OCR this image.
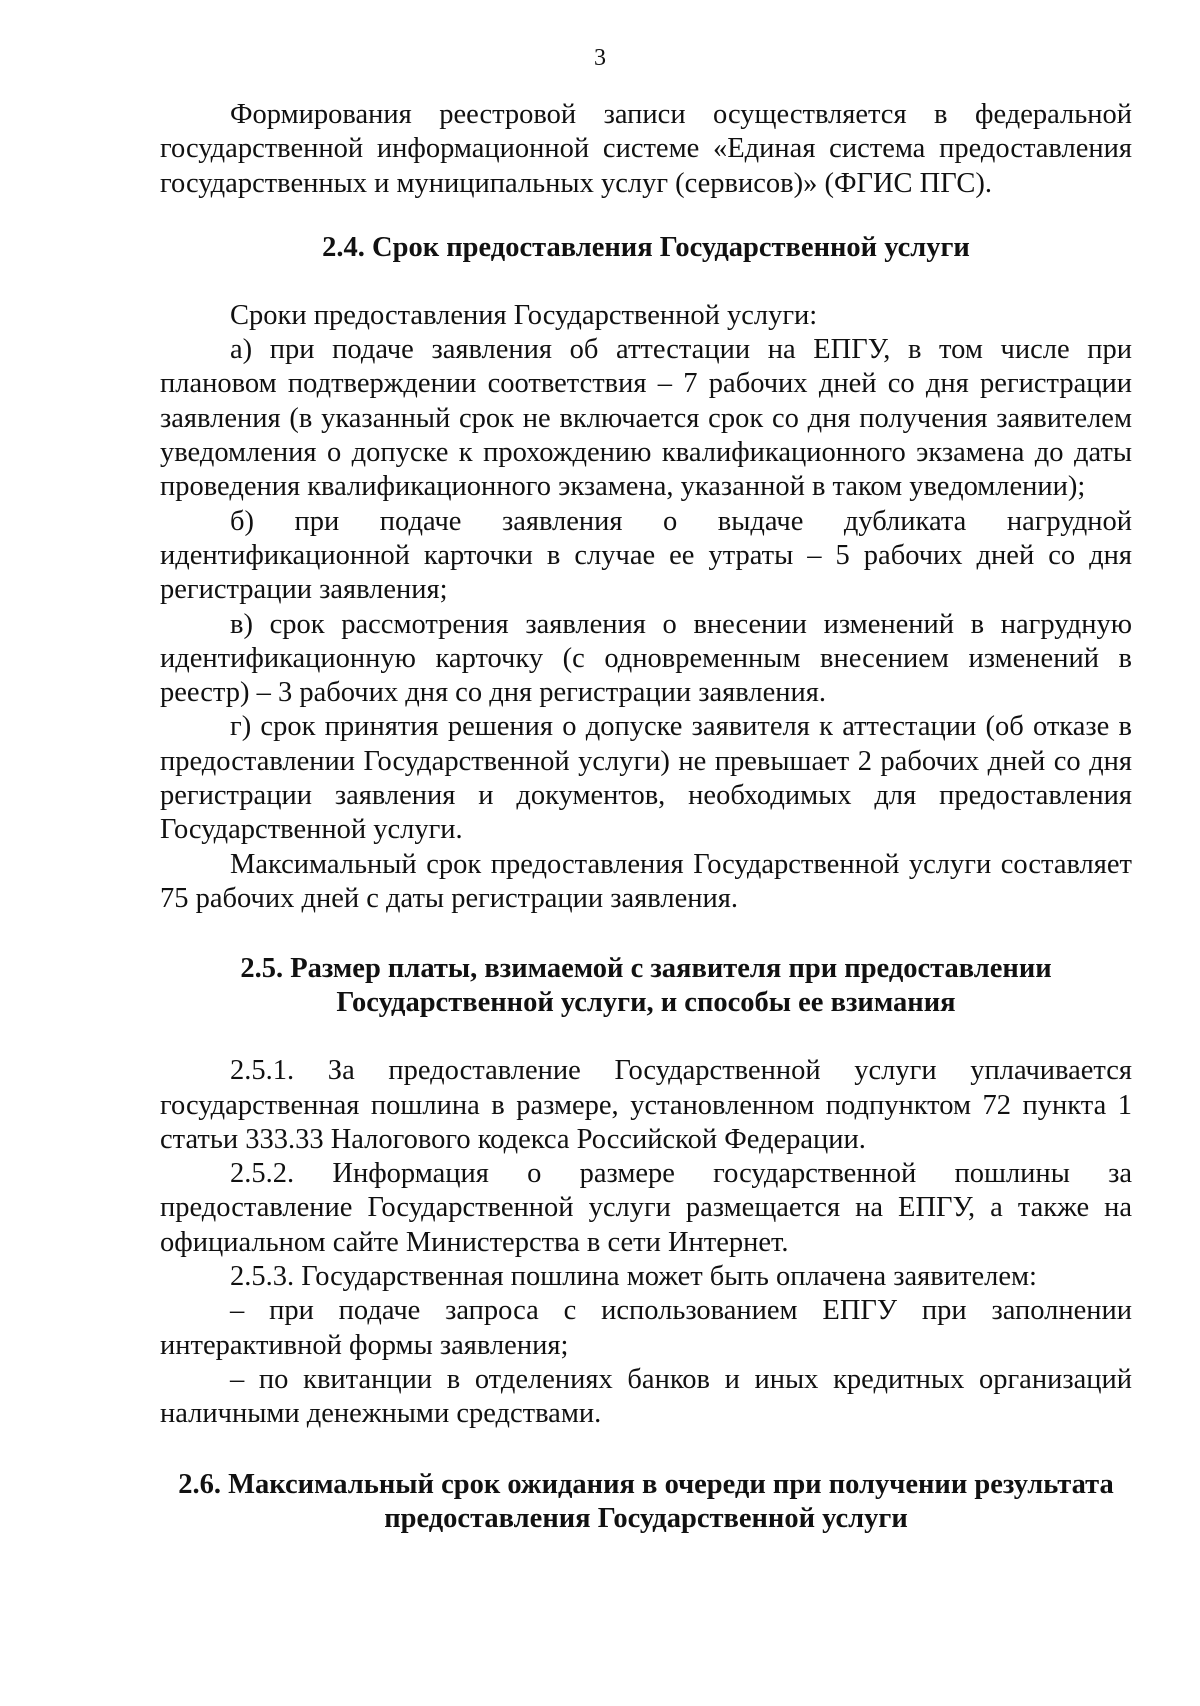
3

Формирования реестровой записи осуществляется в федеральной государственной информационной системе «Единая система предоставления государственных и муниципальных услуг (сервисов)» (ФГИС ПГС).

2.4. Срок предоставления Государственной услуги

Сроки предоставления Государственной услуги:

а) при подаче заявления об аттестации на ЕПГУ, в том числе при плановом подтверждении соответствия – 7 рабочих дней со дня регистрации заявления (в указанный срок не включается срок со дня получения заявителем уведомления о допуске к прохождению квалификационного экзамена до даты проведения квалификационного экзамена, указанной в таком уведомлении);

б) при подаче заявления о выдаче дубликата нагрудной идентификационной карточки в случае ее утраты – 5 рабочих дней со дня регистрации заявления;

в) срок рассмотрения заявления о внесении изменений в нагрудную идентификационную карточку (с одновременным внесением изменений в реестр) – 3 рабочих дня со дня регистрации заявления.

г) срок принятия решения о допуске заявителя к аттестации (об отказе в предоставлении Государственной услуги) не превышает 2 рабочих дней со дня регистрации заявления и документов, необходимых для предоставления Государственной услуги.

Максимальный срок предоставления Государственной услуги составляет 75 рабочих дней с даты регистрации заявления.

2.5. Размер платы, взимаемой с заявителя при предоставлении

Государственной услуги, и способы ее взимания

2.5.1. За предоставление Государственной услуги уплачивается государственная пошлина в размере, установленном подпунктом 72 пункта 1 статьи 333.33 Налогового кодекса Российской Федерации.

2.5.2. Информация о размере государственной пошлины за предоставление Государственной услуги размещается на ЕПГУ, а также на официальном сайте Министерства в сети Интернет.

2.5.3. Государственная пошлина может быть оплачена заявителем:

– при подаче запроса с использованием ЕПГУ при заполнении интерактивной формы заявления;

– по квитанции в отделениях банков и иных кредитных организаций наличными денежными средствами.

2.6. Максимальный срок ожидания в очереди при получении результата

предоставления Государственной услуги
